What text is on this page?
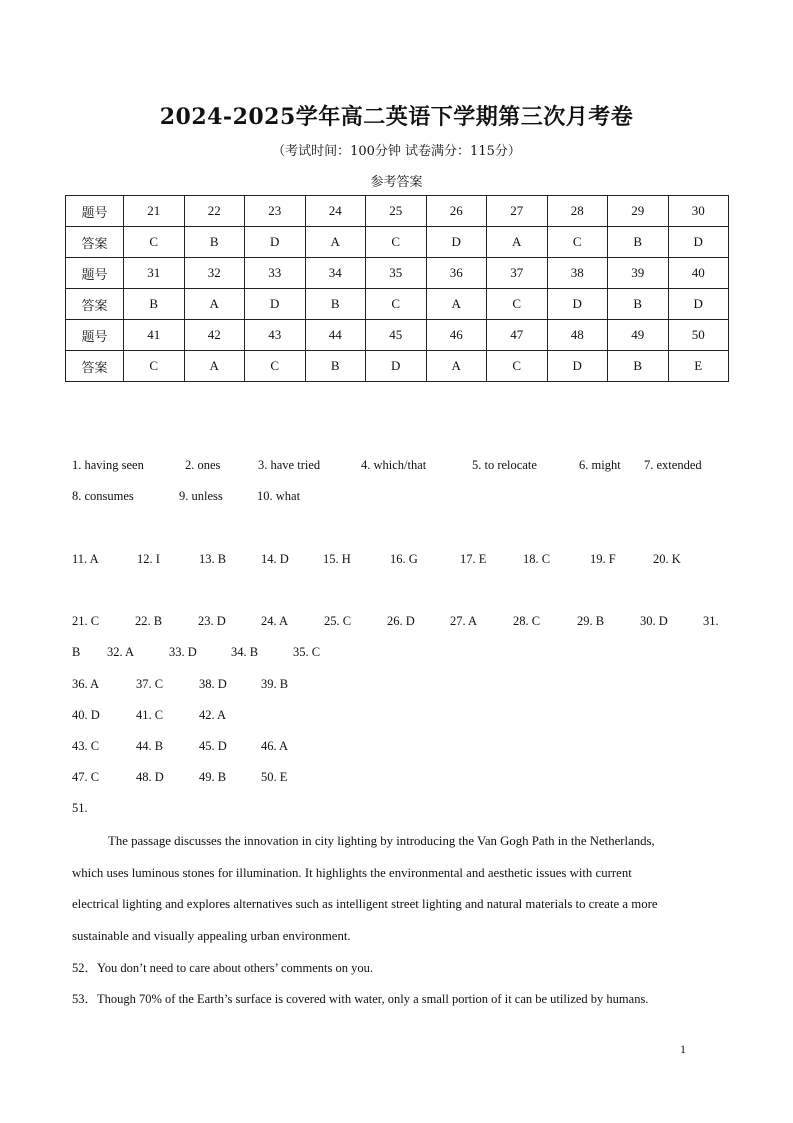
2024-2025学年高二英语下学期第三次月考卷
（考试时间：100分钟 试卷满分：115分）
参考答案
题号	21	22	23	24	25	26	27	28	29	30
答案	C	B	D	A	C	D	A	C	B	D
题号	31	32	33	34	35	36	37	38	39	40
答案	B	A	D	B	C	A	C	D	B	D
题号	41	42	43	44	45	46	47	48	49	50
答案	C	A	C	B	D	A	C	D	B	E
1. having seen	2. ones	3. have tried	4. which/that	5. to relocate	6. might 7. extended
8. consumes	9. unless	10. what
11. A	12. I	13. B	14. D	15. H	16. G	17. E	18. C	19. F	20. K
21. C	22. B	23. D	24. A	25. C	26. D	27. A	28. C	29. B	30. D	31.
B 32. A	33. D	34. B	35. C
36. A	37. C	38. D	39. B
40. D	41. C	42. A
43. C	44. B	45. D	46. A
47. C	48. D	49. B	50. E
51.
The passage discusses the innovation in city lighting by introducing the Van Gogh Path in the Netherlands,
which uses luminous stones for illumination. It highlights the environmental and aesthetic issues with current
electrical lighting and explores alternatives such as intelligent street lighting and natural materials to create a more
sustainable and visually appealing urban environment.
52．You don’t need to care about others’ comments on you.
53．Though 70% of the Earth’s surface is covered with water, only a small portion of it can be utilized by humans.
1
